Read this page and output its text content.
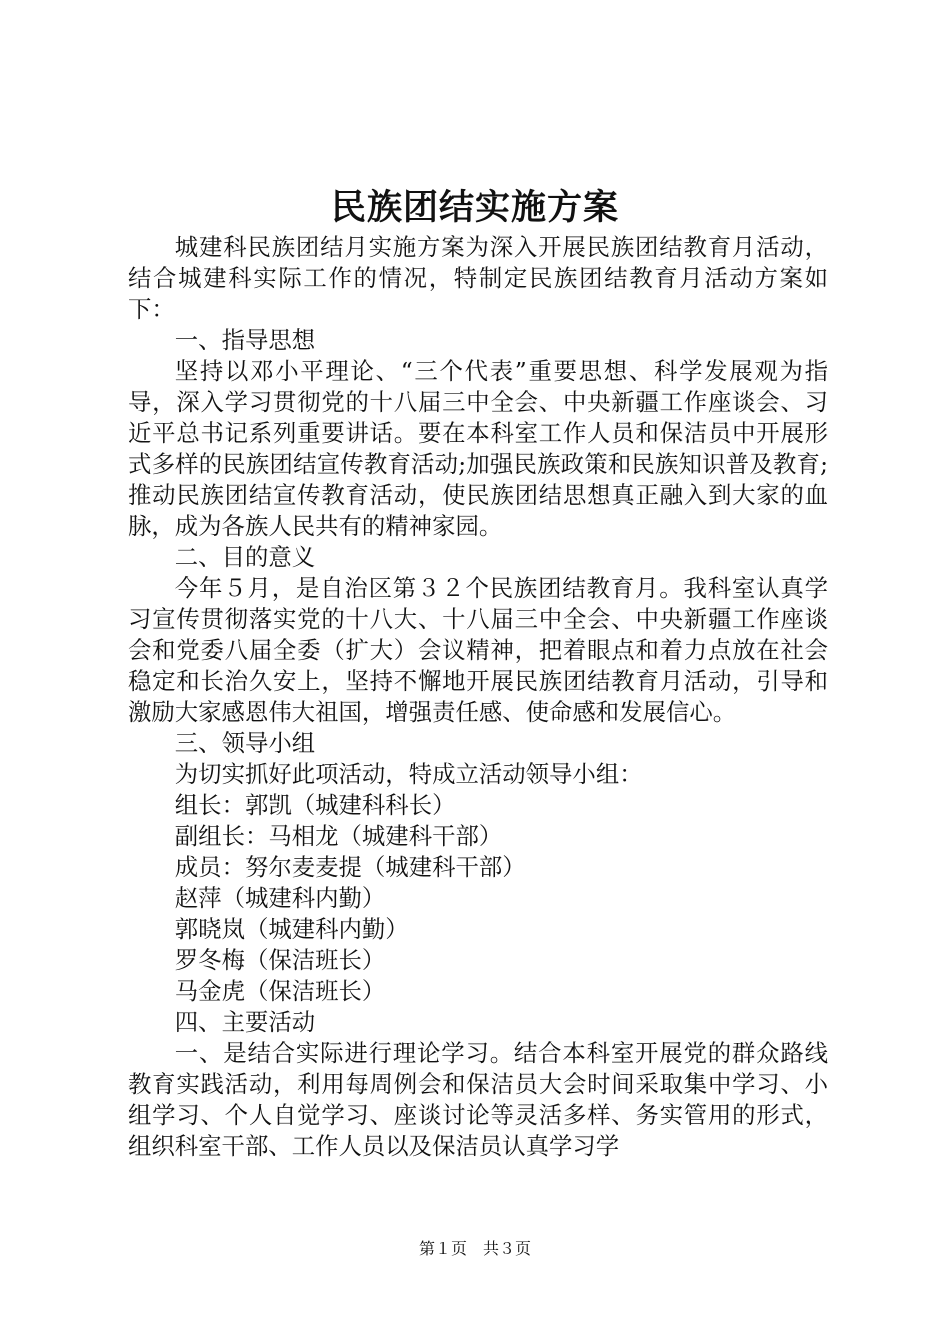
民族团结实施方案

城建科民族团结月实施方案为深入开展民族团结教育月活动，结合城建科实际工作的情况，特制定民族团结教育月活动方案如下：

一、指导思想

坚持以邓小平理论、“三个代表”重要思想、科学发展观为指导，深入学习贯彻党的十八届三中全会、中央新疆工作座谈会、习近平总书记系列重要讲话。要在本科室工作人员和保洁员中开展形式多样的民族团结宣传教育活动;加强民族政策和民族知识普及教育;推动民族团结宣传教育活动，使民族团结思想真正融入到大家的血脉，成为各族人民共有的精神家园。

二、目的意义

今年５月，是自治区第３２个民族团结教育月。我科室认真学习宣传贯彻落实党的十八大、十八届三中全会、中央新疆工作座谈会和党委八届全委（扩大）会议精神，把着眼点和着力点放在社会稳定和长治久安上，坚持不懈地开展民族团结教育月活动，引导和激励大家感恩伟大祖国，增强责任感、使命感和发展信心。

三、领导小组

为切实抓好此项活动，特成立活动领导小组：

组长：郭凯（城建科科长）

副组长：马相龙（城建科干部）

成员：努尔麦麦提（城建科干部）

赵萍（城建科内勤）

郭晓岚（城建科内勤）

罗冬梅（保洁班长）

马金虎（保洁班长）

四、主要活动

一、是结合实际进行理论学习。结合本科室开展党的群众路线教育实践活动，利用每周例会和保洁员大会时间采取集中学习、小组学习、个人自觉学习、座谈讨论等灵活多样、务实管用的形式，组织科室干部、工作人员以及保洁员认真学习学

第１页　共３页
